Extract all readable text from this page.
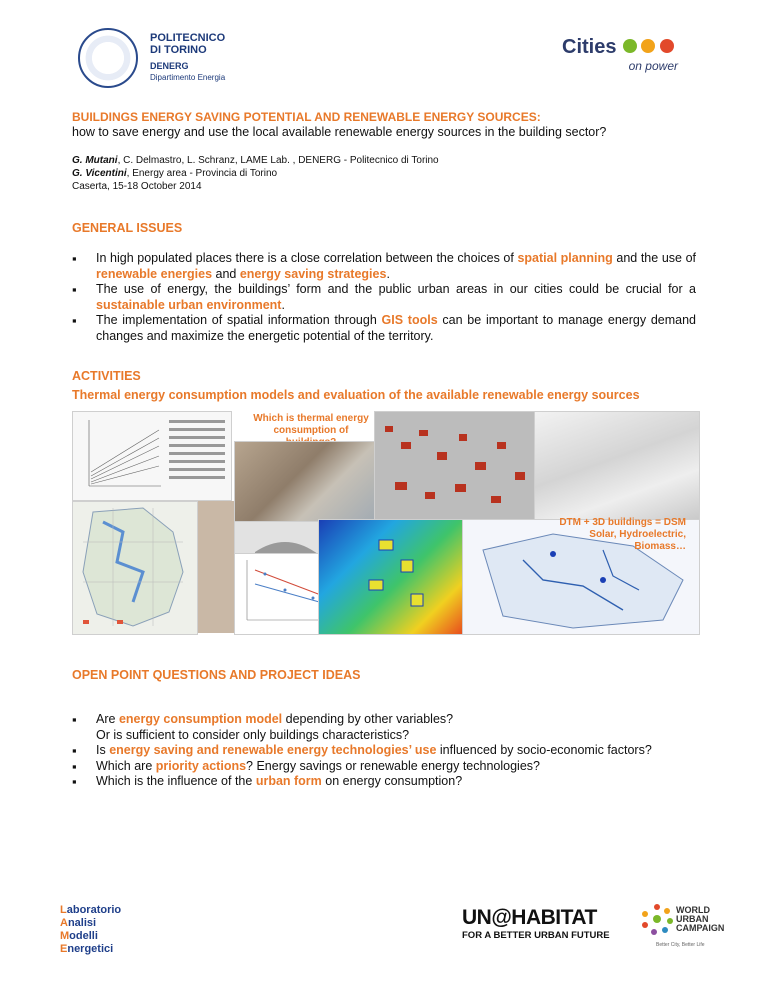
POLITECNICO
DI TORINO
DENERG
Dipartimento Energia
Cities
on power
BUILDINGS ENERGY SAVING POTENTIAL AND RENEWABLE ENERGY SOURCES:
how to save energy and use the local available renewable energy sources in the building sector?
G. Mutani, C. Delmastro, L. Schranz, LAME Lab. , DENERG - Politecnico di Torino
G. Vicentini, Energy area - Provincia di Torino
Caserta, 15-18 October 2014
GENERAL ISSUES
▪ In high populated places there is a close correlation between the choices of spatial planning and the use of renewable energies and energy saving strategies.
▪ The use of energy, the buildings’ form and the public urban areas in our cities could be crucial for a sustainable urban environment.
▪ The implementation of spatial information through GIS tools can be important to manage energy demand changes and maximize the energetic potential of the territory.
ACTIVITIES
Thermal energy consumption models and evaluation of the available renewable energy sources
Which is thermal energy consumption of
DTM + 3D buildings = DSM Solar, Hydroelectric, Biomass…
OPEN POINT QUESTIONS AND PROJECT IDEAS
▪ Are energy consumption model depending by other variables?
Or is sufficient to consider only buildings characteristics?
▪ Is energy saving and renewable energy technologies’ use influenced by socio-economic factors?
▪ Which are priority actions? Energy savings or renewable energy technologies?
▪ Which is the influence of the urban form on energy consumption?
Laboratorio
Analisi
Modelli
Energetici
UN@HABITAT
FOR A BETTER URBAN FUTURE
WORLD
URBAN
CAMPAIGN
Better City, Better Life
